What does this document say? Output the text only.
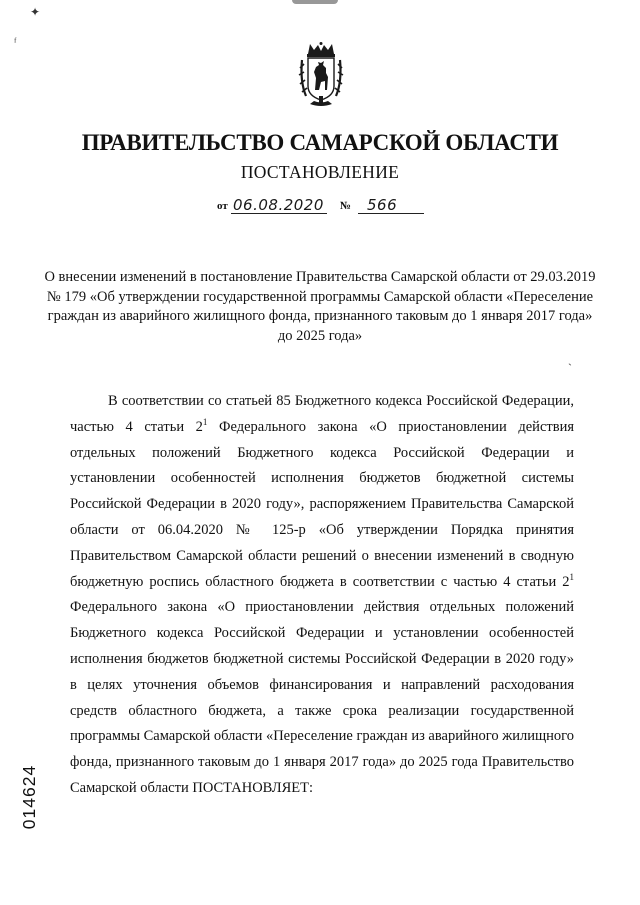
✦
ᶠ
ˋ
ПРАВИТЕЛЬСТВО САМАРСКОЙ ОБЛАСТИ
ПОСТАНОВЛЕНИЕ
от 06.08.2020 № 566
О внесении изменений в постановление Правительства Самарской области от 29.03.2019 № 179 «Об утверждении государственной программы Самарской области «Переселение граждан из аварийного жилищного фонда, признанного таковым до 1 января 2017 года» до 2025 года»

В соответствии со статьей 85 Бюджетного кодекса Российской Федерации, частью 4 статьи $2^1$ Федерального закона «О приостановлении действия отдельных положений Бюджетного кодекса Российской Федерации и установлении особенностей исполнения бюджетов бюджетной системы Российской Федерации в 2020 году», распоряжением Правительства Самарской области от 06.04.2020 № 125-р «Об утверждении Порядка принятия Правительством Самарской области решений о внесении изменений в сводную бюджетную роспись областного бюджета в соответствии с частью 4 статьи $2^1$ Федерального закона «О приостановлении действия отдельных положений Бюджетного кодекса Российской Федерации и установлении особенностей исполнения бюджетов бюджетной системы Российской Федерации в 2020 году» в целях уточнения объемов финансирования и направлений расходования средств областного бюджета, а также срока реализации государственной программы Самарской области «Переселение граждан из аварийного жилищного фонда, признанного таковым до 1 января 2017 года» до 2025 года Правительство Самарской области ПОСТАНОВЛЯЕТ:

014624
